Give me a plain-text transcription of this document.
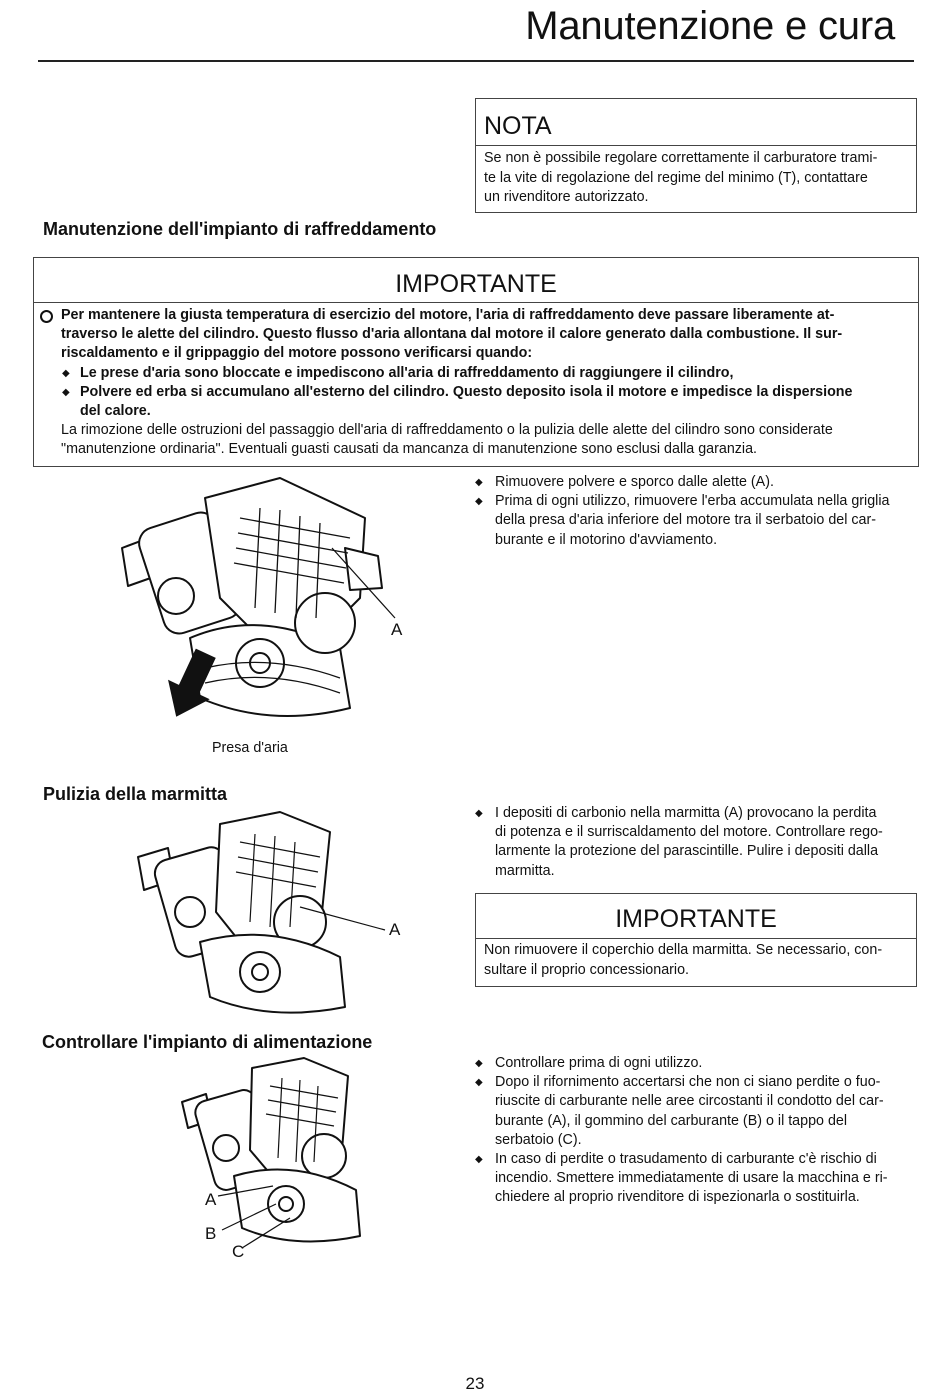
Manutenzione e cura
NOTA
Se non è possibile regolare correttamente il carburatore trami-
te la vite di regolazione del regime del minimo (T), contattare
un rivenditore autorizzato.
Manutenzione dell'impianto di raffreddamento
IMPORTANTE
Per mantenere la giusta temperatura di esercizio del motore, l'aria di raffreddamento deve passare liberamente at-
traverso le alette del cilindro. Questo flusso d'aria allontana dal motore il calore generato dalla combustione. Il sur-
riscaldamento e il grippaggio del motore possono verificarsi quando:
◆ Le prese d'aria sono bloccate e impediscono all'aria di raffreddamento di raggiungere il cilindro,
◆ Polvere ed erba si accumulano all'esterno del cilindro. Questo deposito isola il motore e impedisce la dispersione
del calore.
La rimozione delle ostruzioni del passaggio dell'aria di raffreddamento o la pulizia delle alette del cilindro sono considerate
"manutenzione ordinaria". Eventuali guasti causati da mancanza di manutenzione sono esclusi dalla garanzia.
◆ Rimuovere polvere e sporco dalle alette (A).
◆ Prima di ogni utilizzo, rimuovere l'erba accumulata nella griglia
della presa d'aria inferiore del motore tra il serbatoio del car-
burante e il motorino d'avviamento.
A
Presa d'aria
Pulizia della marmitta
◆ I depositi di carbonio nella marmitta (A) provocano la perdita
di potenza e il surriscaldamento del motore. Controllare rego-
larmente la protezione del parascintille. Pulire i depositi dalla
marmitta.
A	IMPORTANTE
Non rimuovere il coperchio della marmitta. Se necessario, con-
sultare il proprio concessionario.
Controllare l'impianto di alimentazione
◆ Controllare prima di ogni utilizzo.
◆ Dopo il rifornimento accertarsi che non ci siano perdite o fuo-
riuscite di carburante nelle aree circostanti il condotto del car-
burante (A), il gommino del carburante (B) o il tappo del
serbatoio (C).
◆ In caso di perdite o trasudamento di carburante c'è rischio di
incendio. Smettere immediatamente di usare la macchina e ri-
chiedere al proprio rivenditore di ispezionarla o sostituirla.
A
B
C
23
